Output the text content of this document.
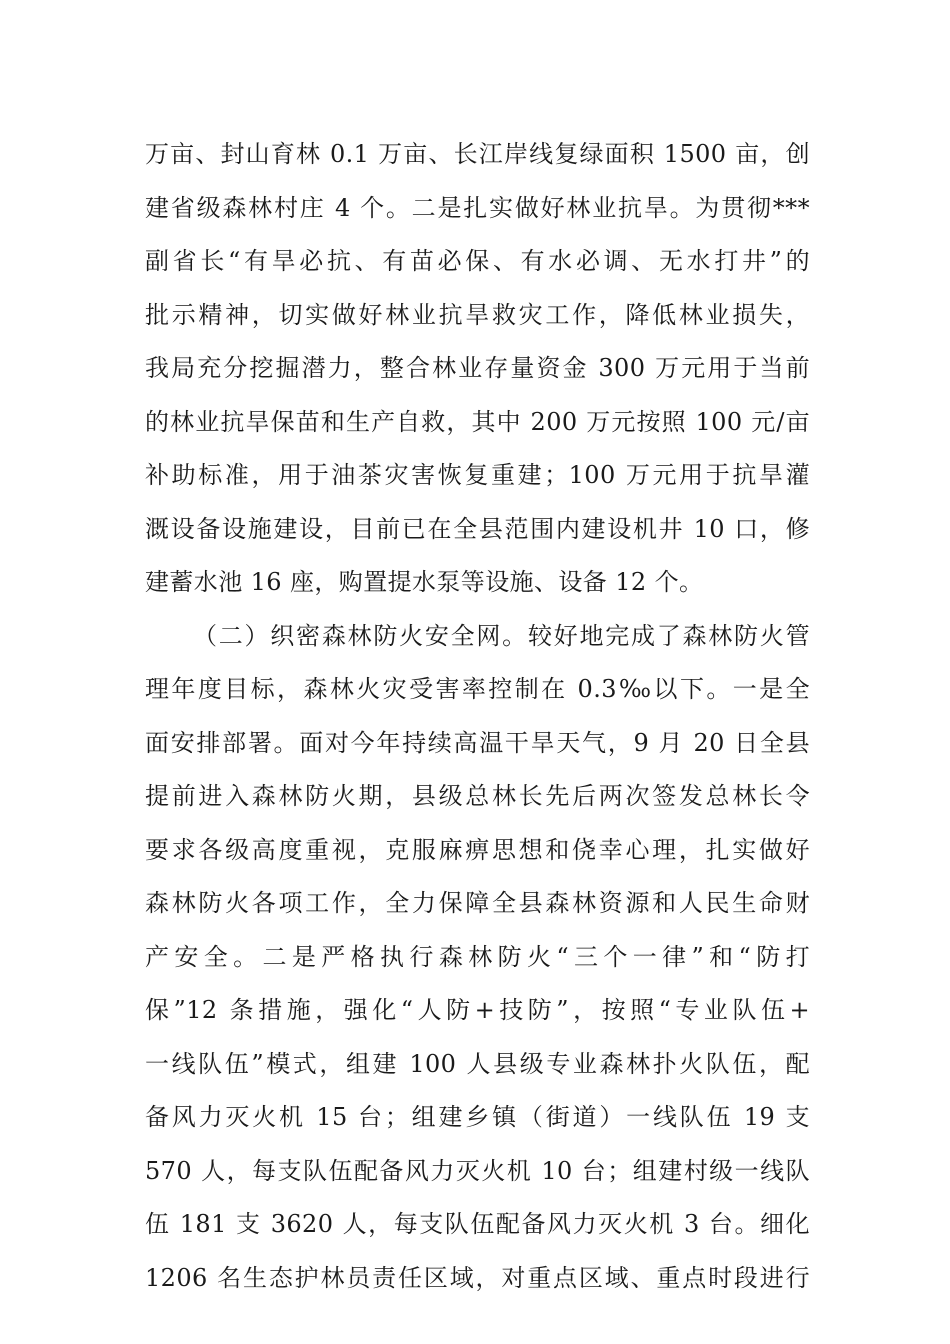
万亩、封山育林 0.1 万亩、长江岸线复绿面积 1500 亩，创
建省级森林村庄 4 个。二是扎实做好林业抗旱。为贯彻***
副省长“有旱必抗、有苗必保、有水必调、无水打井”的
批示精神，切实做好林业抗旱救灾工作，降低林业损失，
我局充分挖掘潜力，整合林业存量资金 300 万元用于当前
的林业抗旱保苗和生产自救，其中 200 万元按照 100 元/亩
补助标准，用于油茶灾害恢复重建；100 万元用于抗旱灌
溉设备设施建设，目前已在全县范围内建设机井 10 口，修
建蓄水池 16 座，购置提水泵等设施、设备 12 个。
（二）织密森林防火安全网。较好地完成了森林防火管
理年度目标，森林火灾受害率控制在 0.3‰以下。一是全
面安排部署。面对今年持续高温干旱天气，9 月 20 日全县
提前进入森林防火期，县级总林长先后两次签发总林长令
要求各级高度重视，克服麻痹思想和侥幸心理，扎实做好
森林防火各项工作，全力保障全县森林资源和人民生命财
产安全。二是严格执行森林防火“三个一律”和“防打
保”12 条措施，强化“人防+技防”，按照“专业队伍+
一线队伍”模式，组建 100 人县级专业森林扑火队伍，配
备风力灭火机 15 台；组建乡镇（街道）一线队伍 19 支
570 人，每支队伍配备风力灭火机 10 台；组建村级一线队
伍 181 支 3620 人，每支队伍配备风力灭火机 3 台。细化
1206 名生态护林员责任区域，对重点区域、重点时段进行
